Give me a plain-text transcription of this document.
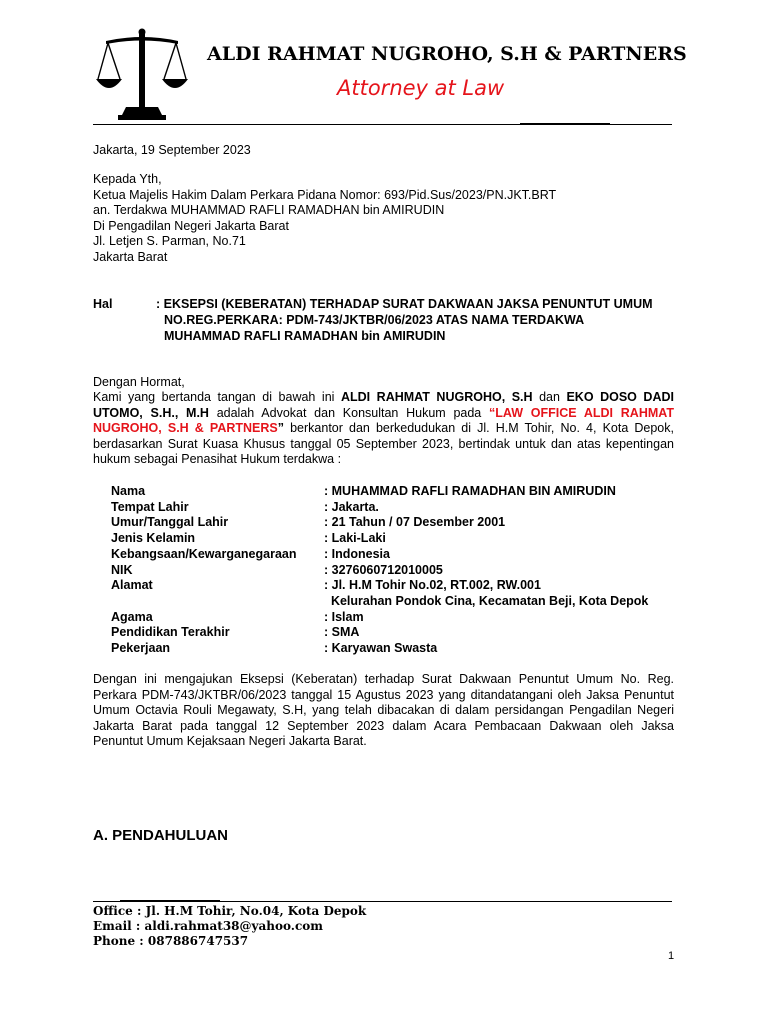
ALDI RAHMAT NUGROHO, S.H & PARTNERS
Attorney at Law
Jakarta, 19 September 2023
Kepada Yth,
Ketua Majelis Hakim Dalam Perkara Pidana Nomor: 693/Pid.Sus/2023/PN.JKT.BRT
an. Terdakwa MUHAMMAD RAFLI RAMADHAN bin AMIRUDIN
Di Pengadilan Negeri Jakarta Barat
Jl. Letjen S. Parman, No.71
Jakarta Barat
Hal	: EKSEPSI (KEBERATAN) TERHADAP SURAT DAKWAAN JAKSA PENUNTUT UMUM
NO.REG.PERKARA: PDM-743/JKTBR/06/2023 ATAS NAMA TERDAKWA
MUHAMMAD RAFLI RAMADHAN bin AMIRUDIN
Dengan Hormat,
Kami yang bertanda tangan di bawah ini ALDI RAHMAT NUGROHO, S.H dan EKO DOSO DADI
UTOMO, S.H., M.H adalah Advokat dan Konsultan Hukum pada “LAW OFFICE ALDI RAHMAT
NUGROHO, S.H & PARTNERS” berkantor dan berkedudukan di Jl. H.M Tohir, No. 4, Kota Depok,
berdasarkan Surat Kuasa Khusus tanggal 05 September 2023, bertindak untuk dan atas kepentingan
hukum sebagai Penasihat Hukum terdakwa :
Nama	: MUHAMMAD RAFLI RAMADHAN BIN AMIRUDIN
Tempat Lahir	: Jakarta.
Umur/Tanggal Lahir	: 21 Tahun / 07 Desember 2001
Jenis Kelamin	: Laki-Laki
Kebangsaan/Kewarganegaraan : Indonesia
NIK	: 3276060712010005
Alamat	: Jl. H.M Tohir No.02, RT.002, RW.001
Kelurahan Pondok Cina, Kecamatan Beji, Kota Depok
Agama	: Islam
Pendidikan Terakhir	: SMA
Pekerjaan	: Karyawan Swasta
Dengan ini mengajukan Eksepsi (Keberatan) terhadap Surat Dakwaan Penuntut Umum No. Reg.
Perkara PDM-743/JKTBR/06/2023 tanggal 15 Agustus 2023 yang ditandatangani oleh Jaksa Penuntut
Umum Octavia Rouli Megawaty, S.H, yang telah dibacakan di dalam persidangan Pengadilan Negeri
Jakarta Barat pada tanggal 12 September 2023 dalam Acara Pembacaan Dakwaan oleh Jaksa
Penuntut Umum Kejaksaan Negeri Jakarta Barat.
A. PENDAHULUAN
Office : Jl. H.M Tohir, No.04, Kota Depok
Email : aldi.rahmat38@yahoo.com
Phone : 087886747537
1
